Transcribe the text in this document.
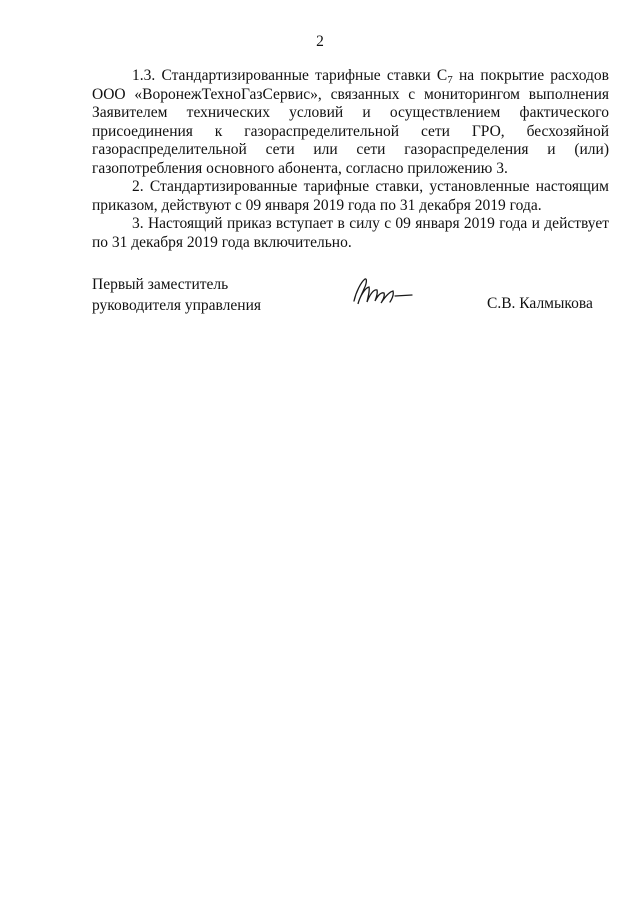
2

1.3. Стандартизированные тарифные ставки $С_7$ на покрытие расходов ООО «ВоронежТехноГазСервис», связанных с мониторингом выполнения Заявителем технических условий и осуществлением фактического присоединения к газораспределительной сети ГРО, бесхозяйной газораспределительной сети или сети газораспределения и (или) газопотребления основного абонента, согласно приложению 3.

2. Стандартизированные тарифные ставки, установленные настоящим приказом, действуют с 09 января 2019 года по 31 декабря 2019 года.

3. Настоящий приказ вступает в силу с 09 января 2019 года и действует по 31 декабря 2019 года включительно.

Первый заместитель
руководителя управления	С.В. Калмыкова
